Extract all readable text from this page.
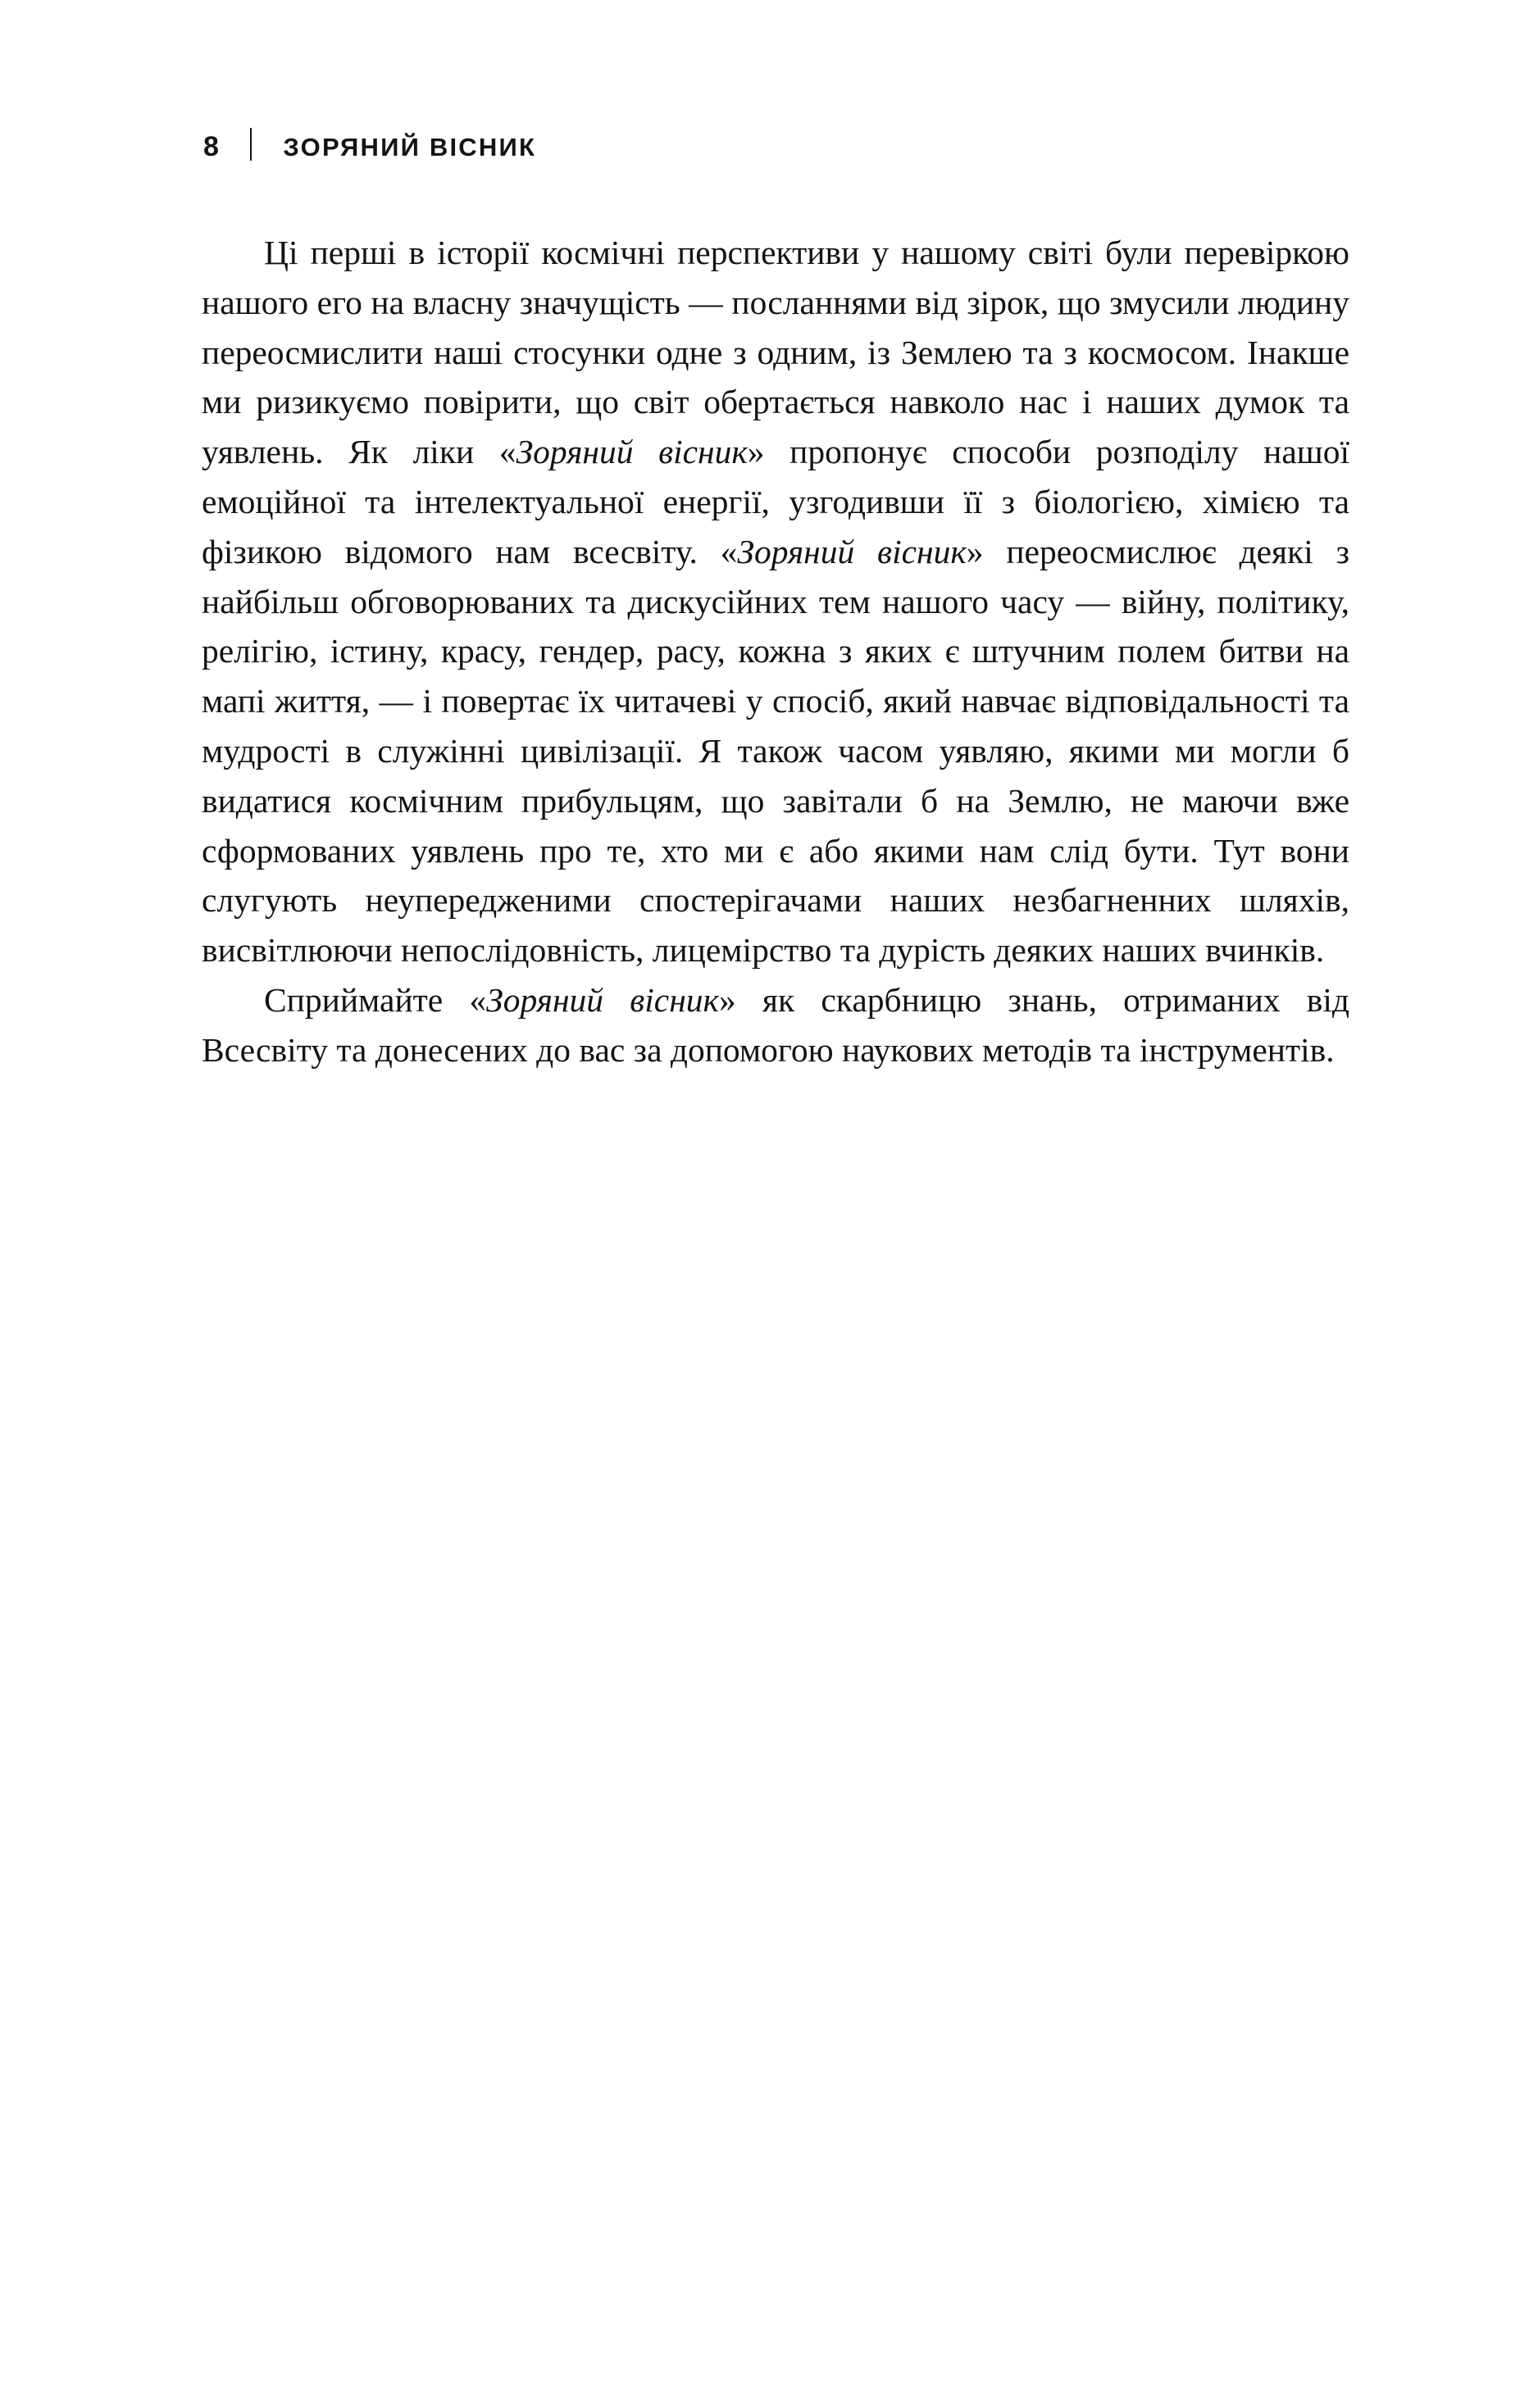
8	ЗОРЯНИЙ ВІСНИК

Ці перші в історії космічні перспективи у нашому світі були перевіркою нашого его на власну значущість — посланнями від зірок, що змусили людину переосмислити наші стосунки одне з одним, із Землею та з космосом. Інакше ми ризикуємо повірити, що світ обертається навколо нас і наших думок та уявлень. Як ліки «Зоряний вісник» пропонує способи розподілу нашої емоційної та інтелектуальної енергії, узгодивши її з біологією, хімією та фізикою відомого нам всесвіту. «Зоряний вісник» переосмислює деякі з найбільш обговорюваних та дискусійних тем нашого часу — війну, політику, релігію, істину, красу, гендер, расу, кожна з яких є штучним полем битви на мапі життя, — і повертає їх читачеві у спосіб, який навчає відповідальності та мудрості в служінні цивілізації. Я також часом уявляю, якими ми могли б видатися космічним прибульцям, що завітали б на Землю, не маючи вже сформованих уявлень про те, хто ми є або якими нам слід бути. Тут вони слугують неупередженими спостерігачами наших незбагненних шляхів, висвітлюючи непослідовність, лицемірство та дурість деяких наших вчинків.

Сприймайте «Зоряний вісник» як скарбницю знань, отриманих від Всесвіту та донесених до вас за допомогою наукових методів та інструментів.
